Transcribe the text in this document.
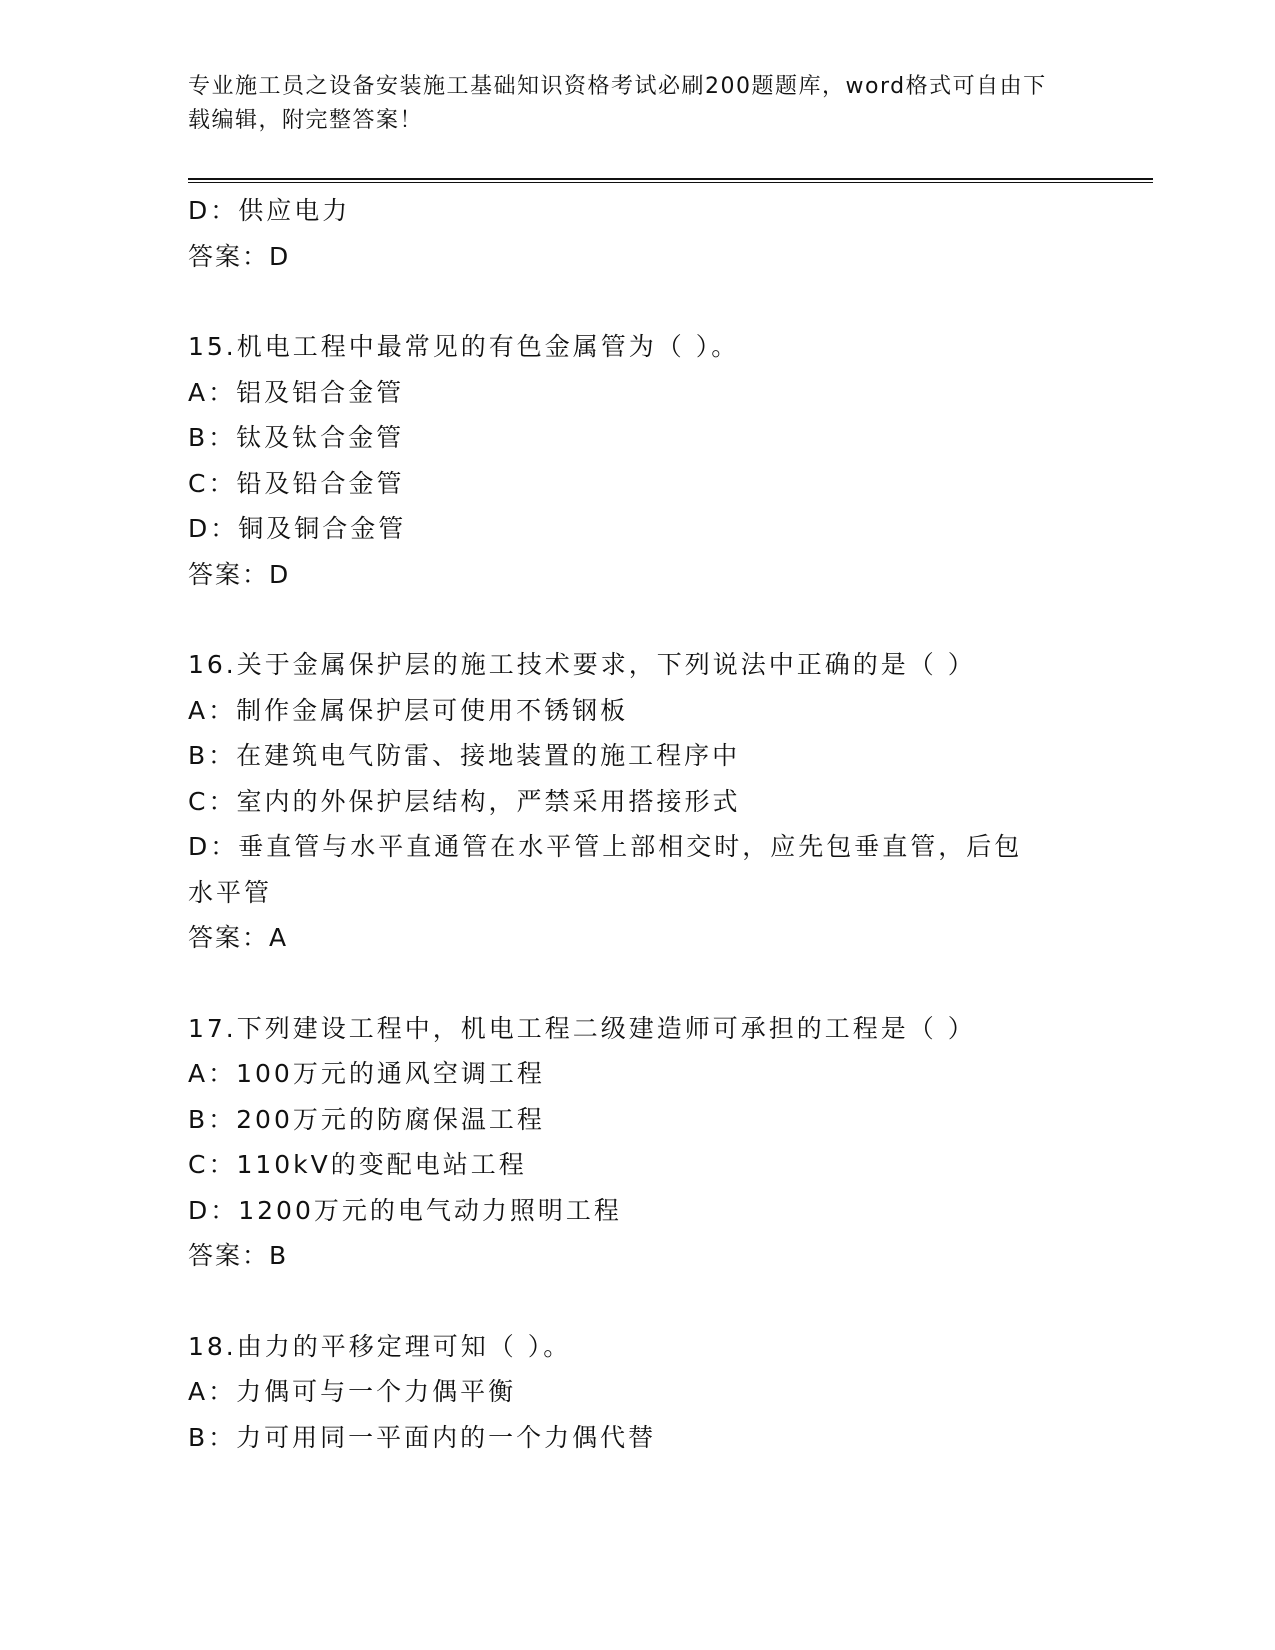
专业施工员之设备安装施工基础知识资格考试必刷200题题库，word格式可自由下载编辑，附完整答案！
D：供应电力
答案：D
15.机电工程中最常见的有色金属管为（ ）。
A：铝及铝合金管
B：钛及钛合金管
C：铅及铅合金管
D：铜及铜合金管
答案：D
16.关于金属保护层的施工技术要求，下列说法中正确的是（ ）
A：制作金属保护层可使用不锈钢板
B：在建筑电气防雷、接地装置的施工程序中
C：室内的外保护层结构，严禁采用搭接形式
D：垂直管与水平直通管在水平管上部相交时，应先包垂直管，后包水平管
答案：A
17.下列建设工程中，机电工程二级建造师可承担的工程是（ ）
A：100万元的通风空调工程
B：200万元的防腐保温工程
C：110kV的变配电站工程
D：1200万元的电气动力照明工程
答案：B
18.由力的平移定理可知（ ）。
A：力偶可与一个力偶平衡
B：力可用同一平面内的一个力偶代替
